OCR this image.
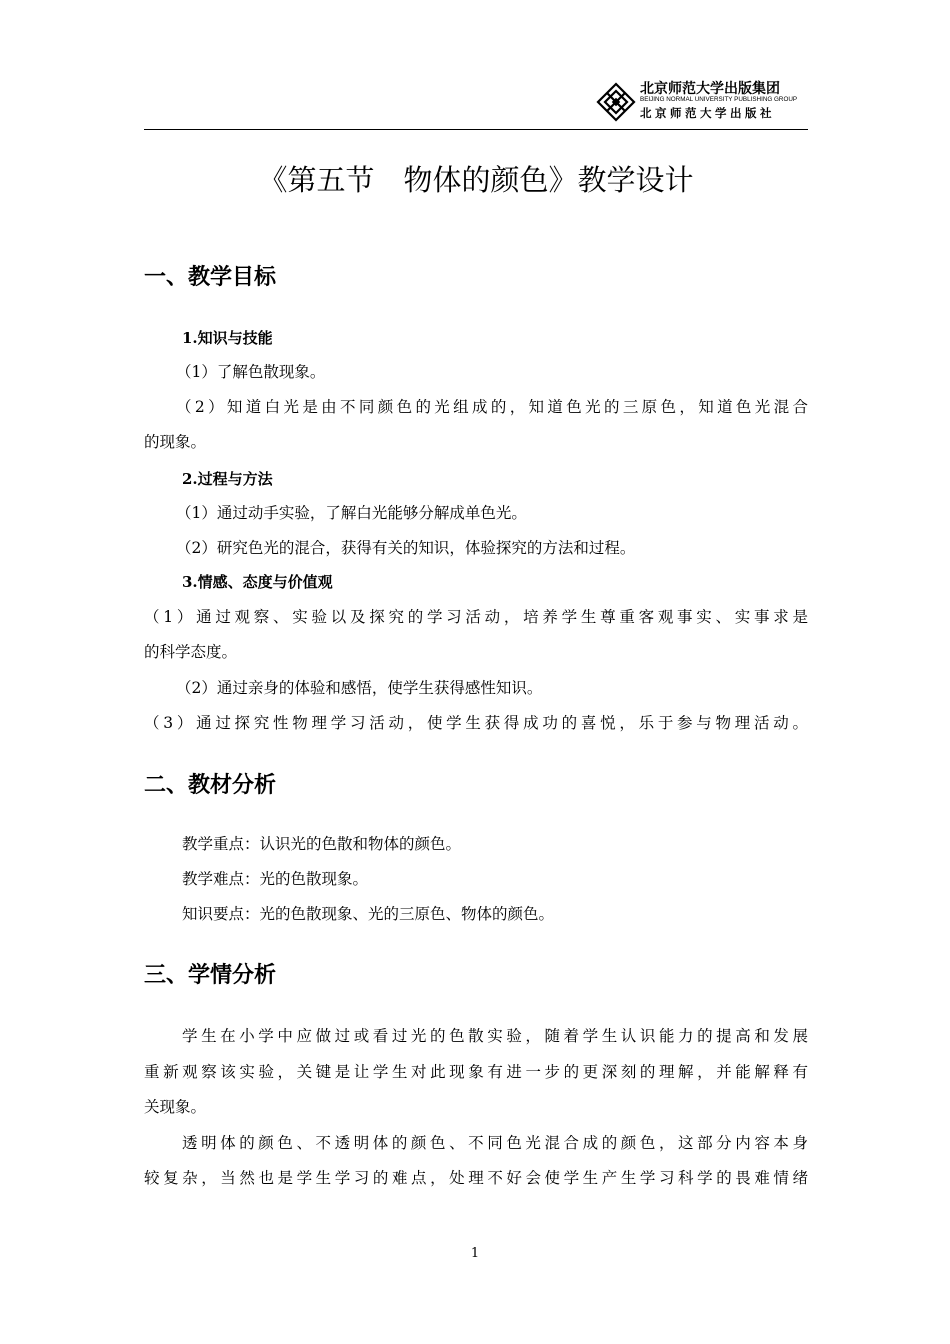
北京师范大学出版集团
BEIJING NORMAL UNIVERSITY PUBLISHING GROUP
北京师范大学出版社
《第五节　物体的颜色》教学设计
一、教学目标
1.知识与技能
（1）了解色散现象。
（2）知道白光是由不同颜色的光组成的，知道色光的三原色，知道色光混合
的现象。
2.过程与方法
（1）通过动手实验，了解白光能够分解成单色光。
（2）研究色光的混合，获得有关的知识，体验探究的方法和过程。
3.情感、态度与价值观
（1）通过观察、实验以及探究的学习活动，培养学生尊重客观事实、实事求是
的科学态度。
（2）通过亲身的体验和感悟，使学生获得感性知识。
（3）通过探究性物理学习活动，使学生获得成功的喜悦，乐于参与物理活动。
二、教材分析
教学重点：认识光的色散和物体的颜色。
教学难点：光的色散现象。
知识要点：光的色散现象、光的三原色、物体的颜色。
三、学情分析
学生在小学中应做过或看过光的色散实验，随着学生认识能力的提高和发展
重新观察该实验，关键是让学生对此现象有进一步的更深刻的理解，并能解释有
关现象。
透明体的颜色、不透明体的颜色、不同色光混合成的颜色，这部分内容本身
较复杂，当然也是学生学习的难点，处理不好会使学生产生学习科学的畏难情绪
1
